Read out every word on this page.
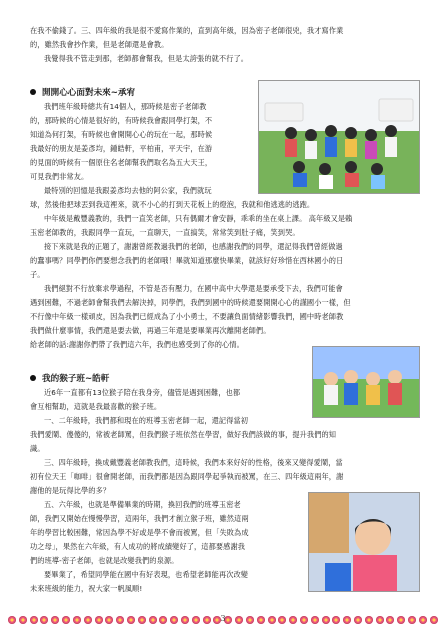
在我不偷錢了。三、四年級的我是很不愛寫作業的，直到高年級，因為密子老師很兇，我才寫作業

的，雖然我會抄作業，但是老師還是會教。

我覺得我不管走到那，老師都會幫我，但是太誇張的就不行了。

開開心心面對未來~承宥

我們班年級時總共有14個人，那時候是密子老師教

的，那時候的心情是很好的，有時候我會跟同學打架，不

知道為何打架，有時候也會開開心心的玩在一起，那時候

我最好的朋友是姜彥均，鍾皓軒，平柏甫，平天宇，在游

的見面的時候有一個原住名老師幫我們取名為五大天王，

可見我們非常友。

最特別的回憶是我跟姜彥均去他的阿公家，我們就玩

球，然後他把球丟到我這裡來，就不小心的打到天花板上的燈泡，我就和他逃逃的逃跑。

中年級是戴豐義教的，我們一直笑老師，只有偶爾才會安靜，乖乖的坐在桌上課。 高年級又是賴

玉密老師教的，我跟同學一直玩，一直聊天，一直搞笑，常常笑到肚子痛，笑到哭。

接下來就是我的正題了，謝謝曾經教過我們的老師，也感謝我們的同學，還記得我們曾經做過

的蠢事嗎？同學們你們要想念我們的老師哦！畢就知道那麼快畢業，就該好好珍惜在西林國小的日

子。

我們絕對不行放棄求學過程，不管是否有壓力，在國中高中大學還是要承受下去，我們可能會

遇到困難，不過老師會幫我們去解決掉，同學們，我們到國中的時候還要開開心心的謹國小一樣，但

不行像中年級一樣頑皮，因為我們已經成為了小小勇士，不要讓負面情緒影響我們，國中時老師教

我們做什麼事情，我們還是要去做，再過三年還是要畢業再次離開老師們。

給老師的話:謝謝你們帶了我們這六年，我們也感受到了你的心情。

我的猴子班~皓軒

近6年一直都有13位猴子陪在我身旁，儘管是遇到困難，也都

會互相幫助，這就是我最喜歡的猴子班。

一、二年級時，我們都和現在的班導玉密老師一起，還記得當初

我們愛鬧、傻傻的，常被老師罵，但我們猴子班依然在學習，做好我們該做的事，提升我們的知

識。

三、四年級時，換成戴豐義老師教我們，這時候，我們本來好好的性格，後來又變得愛鬧，當

初有位天王「咖啡」很會開老師，而我們都是因為跟同學起爭執而被罵，在三、四年級這兩年，謝

謝他的是玩得比學的多？

五、六年級，也就是準備畢業的時期，換回我們的班導玉密老

師，我們又開始在慢慢學習，這兩年，我們才創立猴子班，雖然這兩

年的學習比較困難，常因為學不好或是學不會而被罵，但「失敗為成

功之母」，果然在六年級，有人成功的將成績變好了，這都要感謝我

們的班導-密子老師，也就是改變我們的泉源。

要畢業了，希望同學能在國中有好表現，也希望老師能再次改變

未來班級的能力，祝大家一帆風順!

3
